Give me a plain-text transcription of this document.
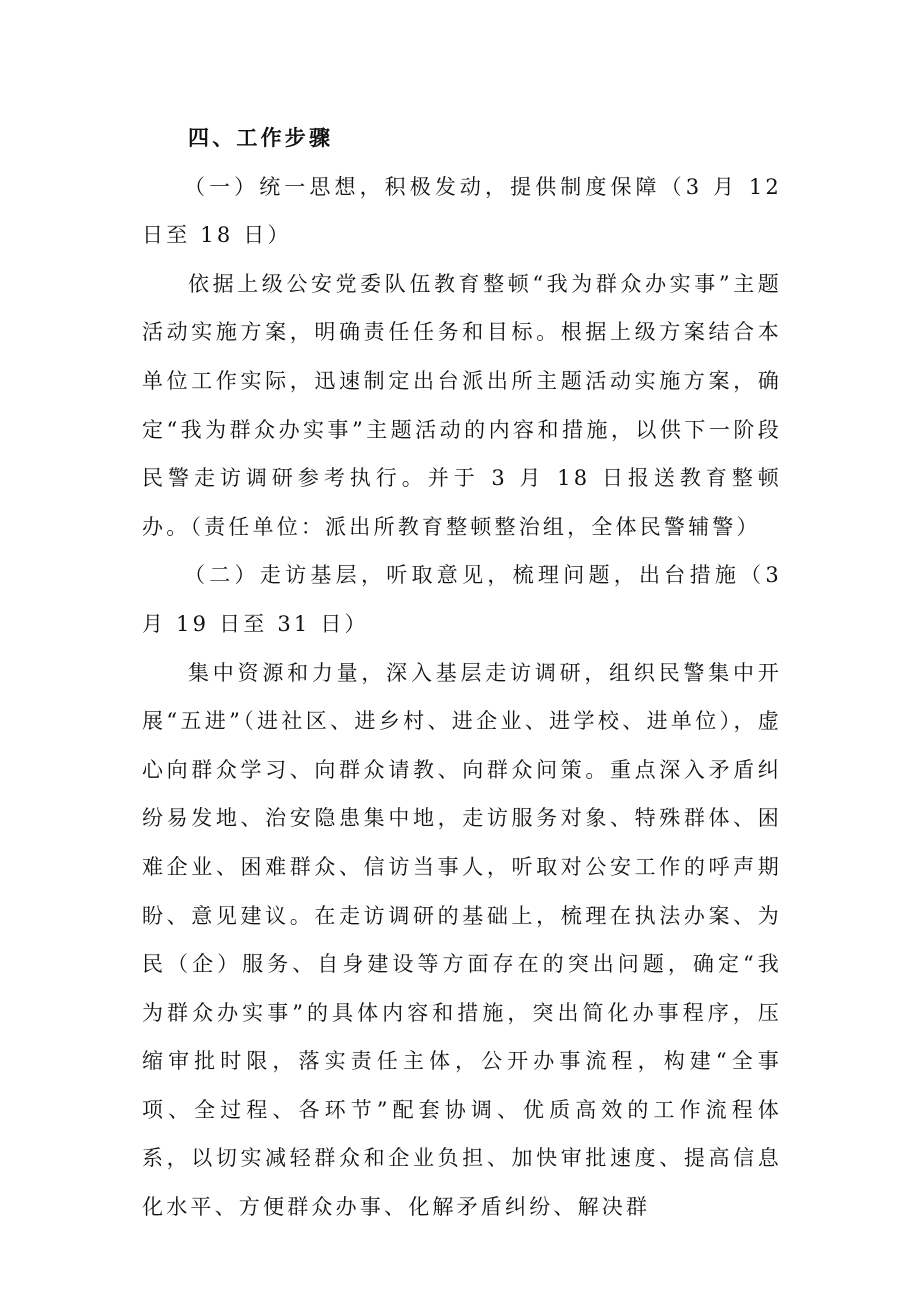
四、工作步骤

（一）统一思想，积极发动，提供制度保障（3 月 12 日至 18 日）

依据上级公安党委队伍教育整顿“我为群众办实事”主题活动实施方案，明确责任任务和目标。根据上级方案结合本单位工作实际，迅速制定出台派出所主题活动实施方案，确定“我为群众办实事”主题活动的内容和措施，以供下一阶段民警走访调研参考执行。并于 3 月 18 日报送教育整顿办。（责任单位：派出所教育整顿整治组，全体民警辅警）

（二）走访基层，听取意见，梳理问题，出台措施（3 月 19 日至 31 日）

集中资源和力量，深入基层走访调研，组织民警集中开展“五进”（进社区、进乡村、进企业、进学校、进单位），虚心向群众学习、向群众请教、向群众问策。重点深入矛盾纠纷易发地、治安隐患集中地，走访服务对象、特殊群体、困难企业、困难群众、信访当事人，听取对公安工作的呼声期盼、意见建议。在走访调研的基础上，梳理在执法办案、为民（企）服务、自身建设等方面存在的突出问题，确定“我为群众办实事”的具体内容和措施，突出简化办事程序，压缩审批时限，落实责任主体，公开办事流程，构建“全事项、全过程、各环节”配套协调、优质高效的工作流程体系，以切实减轻群众和企业负担、加快审批速度、提高信息化水平、方便群众办事、化解矛盾纠纷、解决群
